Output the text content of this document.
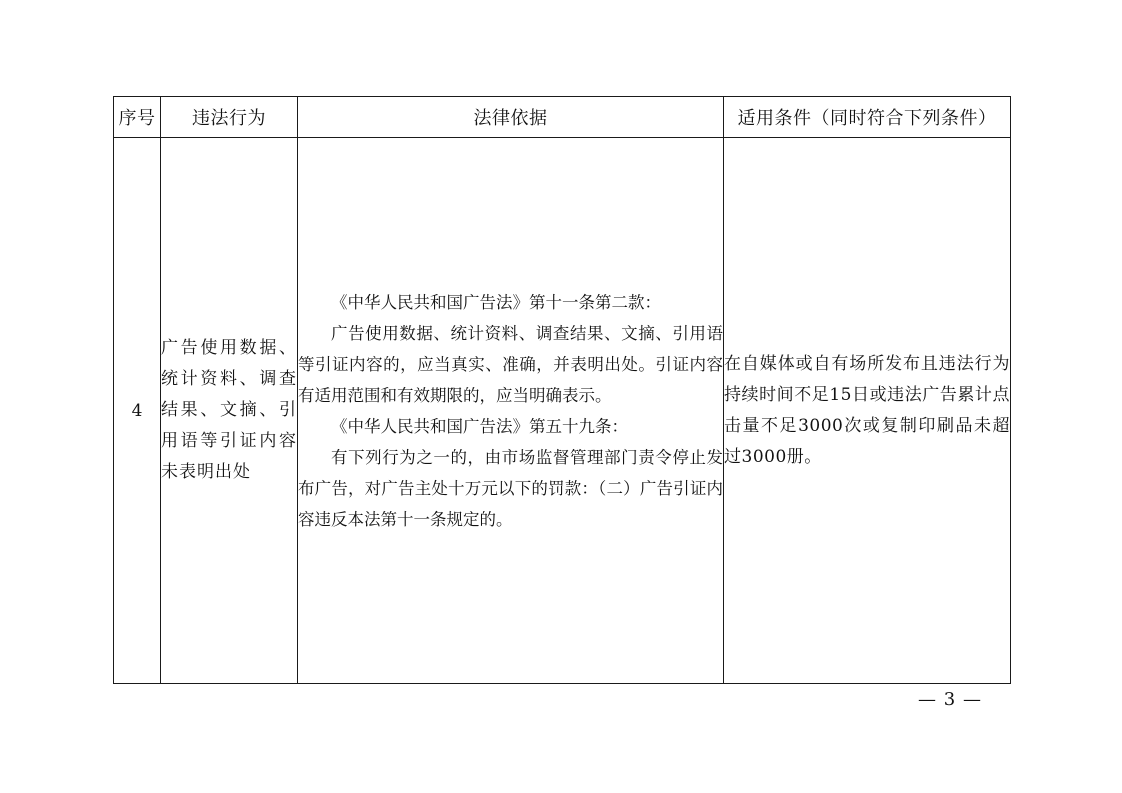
序号	违法行为	法律依据	适用条件（同时符合下列条件）
4	广告使用数据、统计资料、调查结果、文摘、引用语等引证内容未表明出处	《中华人民共和国广告法》第十一条第二款：

广告使用数据、统计资料、调查结果、文摘、引用语等引证内容的，应当真实、准确，并表明出处。引证内容有适用范围和有效期限的，应当明确表示。

《中华人民共和国广告法》第五十九条：

有下列行为之一的，由市场监督管理部门责令停止发布广告，对广告主处十万元以下的罚款：（二）广告引证内容违反本法第十一条规定的。	在自媒体或自有场所发布且违法行为持续时间不足15日或违法广告累计点击量不足3000次或复制印刷品未超过3000册。
— 3 —
